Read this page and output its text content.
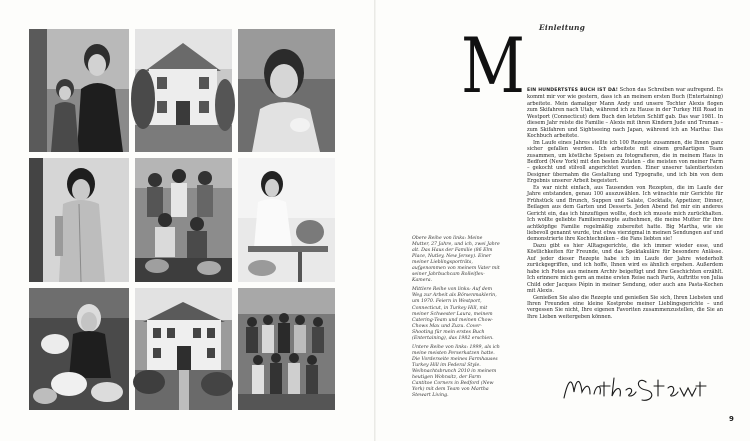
Obere Reihe von links: Meine Mutter, 27 Jahre, und ich, zwei Jahre alt. Das Haus der Familie (86 Elm Place, Nutley, New Jersey). Einer meiner Lieblingsporträts, aufgenommen von meinem Vater mit seiner Jahrbuchcam Rolleiflex-Kamera.

Mittlere Reihe von links: Auf dem Weg zur Arbeit als Börsenmaklerin, um 1970. Feiern in Westport, Connecticut, in Turkey Hill, mit meiner Schwester Laura, meinem Catering-Team und meinen Chow-Chows Max und Zuzu. Cover-Shooting für mein erstes Buch (Entertaining), das 1982 erschien.

Untere Reihe von links: 1999, als ich meine meisten Perserkatzen hatte. Die Vorderseite meines Farmhauses Turkey Hill im Federal Style. Weihnachtsbrunch 2010 in meinem heutigen Wohnsitz, der Farm Cantitoe Corners in Bedford (New York) mit dem Team von Martha Stewart Living.

Einleitung
M EIN HUNDERTSTES BUCH IST DA! Schon das Schreiben war aufregend. Es kommt mir vor wie gestern, dass ich an meinem ersten Buch (Entertaining) arbeitete. Mein damaliger Mann Andy und unsere Tochter Alexis flogen zum Skifahren nach Utah, während ich zu Hause in der Turkey Hill Road in Westport (Connecticut) dem Buch den letzten Schliff gab. Das war 1981. In diesem Jahr reiste die Familie – Alexis mit ihren Kindern Jude und Truman – zum Skifahren und Sightseeing nach Japan, während ich an Martha: Das Kochbuch arbeitete.

Im Laufe eines Jahres stellte ich 100 Rezepte zusammen, die Ihnen ganz sicher gefallen werden. Ich arbeitete mit einem großartigen Team zusammen, um köstliche Speisen zu fotografieren, die in meinem Haus in Bedford (New York) mit den besten Zutaten – die meisten von meiner Farm – gekocht und stilvoll angerichtet wurden. Einer unserer talentiertesten Designer übernahm die Gestaltung und Typografie, und ich bin von dem Ergebnis unserer Arbeit begeistert.

Es war nicht einfach, aus Tausenden von Rezepten, die im Laufe der Jahre entstanden, genau 100 auszuwählen. Ich wünschte mir Gerichte für Frühstück und Brunch, Suppen und Salate, Cocktails, Appetizer, Dinner, Beilagen aus dem Garten und Desserts. Jeden Abend fiel mir ein anderes Gericht ein, das ich hinzufügen wollte, doch ich musste mich zurückhalten. Ich wollte geliebte Familienrezepte aufnehmen, die meine Mutter für ihre achtköpfige Familie regelmäßig zubereitet hatte. Big Martha, wie sie liebevoll genannt wurde, trat etwa vierzigmal in meinen Sendungen auf und demonstrierte ihre Kochtechniken – die Fans liebten sie!

Dazu gibt es hier Alltagsgerichte, die ich immer wieder esse, und Köstlichkeiten für Freunde, und das Spektakuläre für besondere Anlässe. Auf jeder dieser Rezepte habe ich im Laufe der Jahre wiederholt zurückgegriffen, und ich hoffe, Ihnen wird es ähnlich ergehen. Außerdem habe ich Fotos aus meinem Archiv beigefügt und ihre Geschichten erzählt. Ich erinnere mich gern an meine ersten Reise nach Paris, Auftritte von Julia Child oder Jacques Pépin in meiner Sendung, oder auch ans Pasta-Kochen mit Alexis.

Genießen Sie also die Rezepte und genießen Sie sich, Ihren Liebsten und Ihren Freunden eine kleine Kostprobe meiner Lieblingsgerichte – und vergessen Sie nicht, Ihre eigenen Favoriten zusammenzustellen, die Sie an Ihre Lieben weitergeben können.

9
